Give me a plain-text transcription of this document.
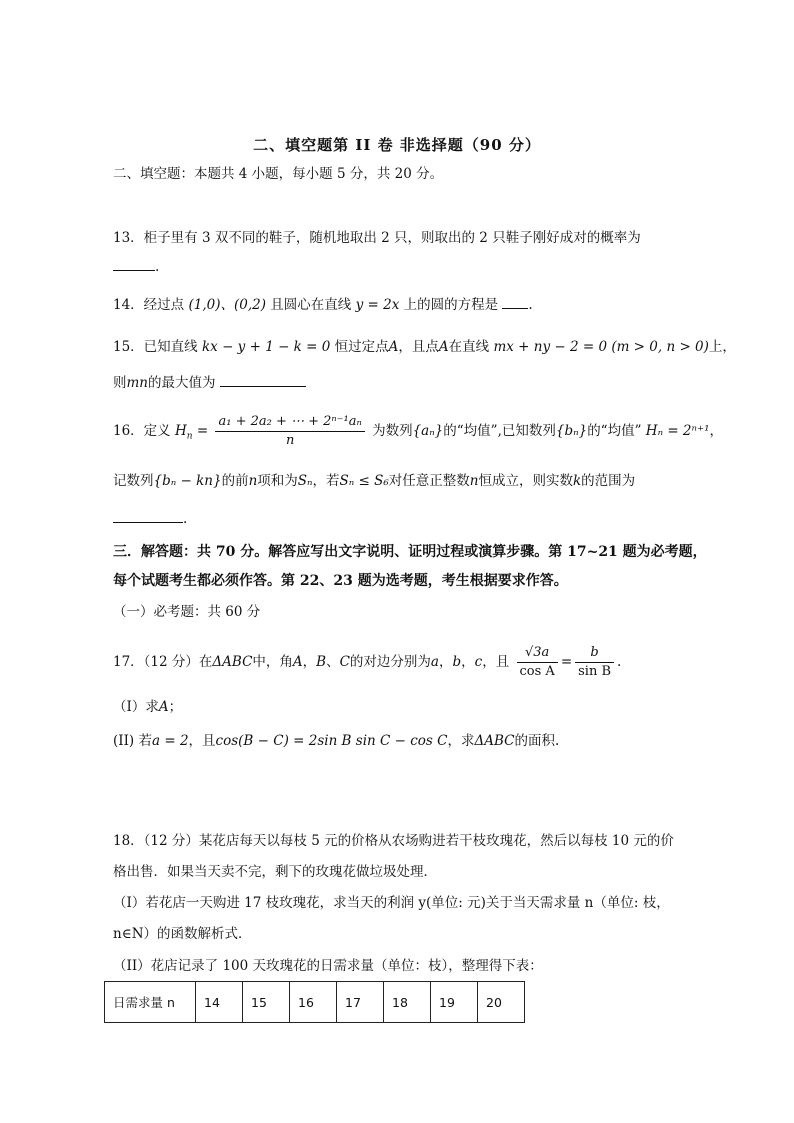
二、填空题第 II 卷 非选择题（90 分）
二、填空题：本题共 4 小题，每小题 5 分，共 20 分。
13．柜子里有 3 双不同的鞋子，随机地取出 2 只，则取出的 2 只鞋子刚好成对的概率为
.
14．经过点 (1,0)、(0,2) 且圆心在直线 y = 2x 上的圆的方程是 .
15．已知直线 kx − y + 1 − k = 0 恒过定点A，且点A在直线 mx + ny − 2 = 0 (m > 0, n > 0)上，
则mn的最大值为
16．定义 $H_n = \frac{\text{a₁ + 2a₂ + ⋯ + 2ⁿ⁻¹aₙ}}{n}$ 为数列{aₙ}的“均值”,已知数列{bₙ}的“均值” Hₙ = 2ⁿ⁺¹，
记数列{bₙ − kn}的前n项和为Sₙ，若Sₙ ≤ S₆对任意正整数n恒成立，则实数k的范围为
.
三．解答题：共 70 分。解答应写出文字说明、证明过程或演算步骤。第 17~21 题为必考题，
每个试题考生都必须作答。第 22、23 题为选考题，考生根据要求作答。
（一）必考题：共 60 分
17．（12 分）在ΔABC中，角A，B、C的对边分别为a，b，c，且 $\frac{√3a}{\text{cos A}} = \frac{b}{\text{sin B}}$ .
（I）求A；
(II) 若a = 2，且cos(B − C) = 2sin B sin C − cos C，求ΔABC的面积.
18．（12 分）某花店每天以每枝 5 元的价格从农场购进若干枝玫瑰花，然后以每枝 10 元的价
格出售．如果当天卖不完，剩下的玫瑰花做垃圾处理．
（I）若花店一天购进 17 枝玫瑰花，求当天的利润 y(单位: 元)关于当天需求量 n（单位: 枝，
n∈N）的函数解析式．
（II）花店记录了 100 天玫瑰花的日需求量（单位：枝），整理得下表：
日需求量 n	14	15	16	17	18	19	20
